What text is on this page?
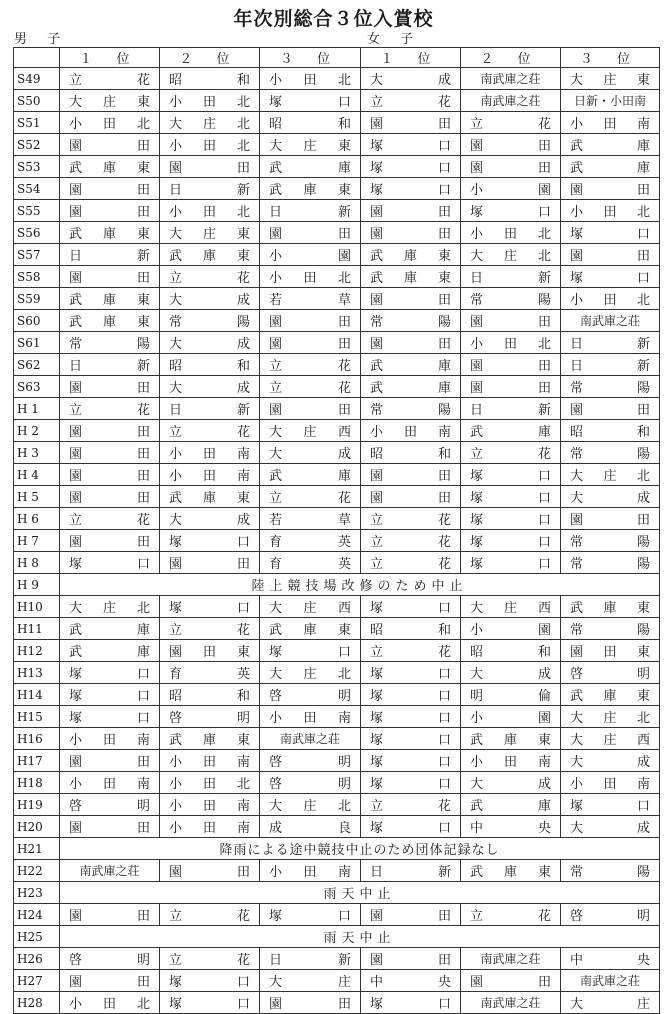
年次別総合３位入賞校
男 子	女 子
	１ 位	２ 位	３ 位	１ 位	２ 位	３ 位
S49	立　花	昭　和	小田北	大　成	南武庫之荘	大庄東
S50	大庄東	小田北	塚　口	立　花	南武庫之荘	日新・小田南
S51	小田北	大庄北	昭　和	園　田	立　花	小田南
S52	園　田	小田北	大庄東	塚　口	園　田	武　庫
S53	武庫東	園　田	武　庫	塚　口	園　田	武　庫
S54	園　田	日　新	武庫東	塚　口	小　園	園　田
S55	園　田	小田北	日　新	園　田	塚　口	小田北
S56	武庫東	大庄東	園　田	園　田	小田北	塚　口
S57	日　新	武庫東	小　園	武庫東	大庄北	園　田
S58	園　田	立　花	小田北	武庫東	日　新	塚　口
S59	武庫東	大　成	若　草	園　田	常　陽	小田北
S60	武庫東	常　陽	園　田	常　陽	園　田	南武庫之荘
S61	常　陽	大　成	園　田	園　田	小田北	日　新
S62	日　新	昭　和	立　花	武　庫	園　田	日　新
S63	園　田	大　成	立　花	武　庫	園　田	常　陽
H 1	立　花	日　新	園　田	常　陽	日　新	園　田
H 2	園　田	立　花	大庄西	小田南	武　庫	昭　和
H 3	園　田	小田南	大　成	昭　和	立　花	常　陽
H 4	園　田	小田南	武　庫	園　田	塚　口	大庄北
H 5	園　田	武庫東	立　花	園　田	塚　口	大　成
H 6	立　花	大　成	若　草	立　花	塚　口	園　田
H 7	園　田	塚　口	育　英	立　花	塚　口	常　陽
H 8	塚　口	園　田	育　英	立　花	塚　口	常　陽
H 9	陸上競技場改修のため中止					
H10	大庄北	塚　口	大庄西	塚　口	大庄西	武庫東
H11	武　庫	立　花	武庫東	昭　和	小　園	常　陽
H12	武　庫	園田東	塚　口	立　花	昭　和	園田東
H13	塚　口	育　英	大庄北	塚　口	大　成	啓　明
H14	塚　口	昭　和	啓　明	塚　口	明　倫	武庫東
H15	塚　口	啓　明	小田南	塚　口	小　園	大庄北
H16	小田南	武庫東	南武庫之荘	塚　口	武庫東	大庄西
H17	園　田	小田南	啓　明	塚　口	小田南	大　成
H18	小田南	小田北	啓　明	塚　口	大　成	小田南
H19	啓　明	小田南	大庄北	立　花	武　庫	塚　口
H20	園　田	小田南	成　良	塚　口	中　央	大　成
H21	降雨による途中競技中止のため団体記録なし					
H22	南武庫之荘	園　田	小田南	日　新	武庫東	常　陽
H23	雨天中止					
H24	園　田	立　花	塚　口	園　田	立　花	啓　明
H25	雨天中止					
H26	啓　明	立　花	日　新	園　田	南武庫之荘	中　央
H27	園　田	塚　口	大　庄	中　央	園　田	南武庫之荘
H28	小田北	塚　口	園　田	塚　口	南武庫之荘	大　庄
